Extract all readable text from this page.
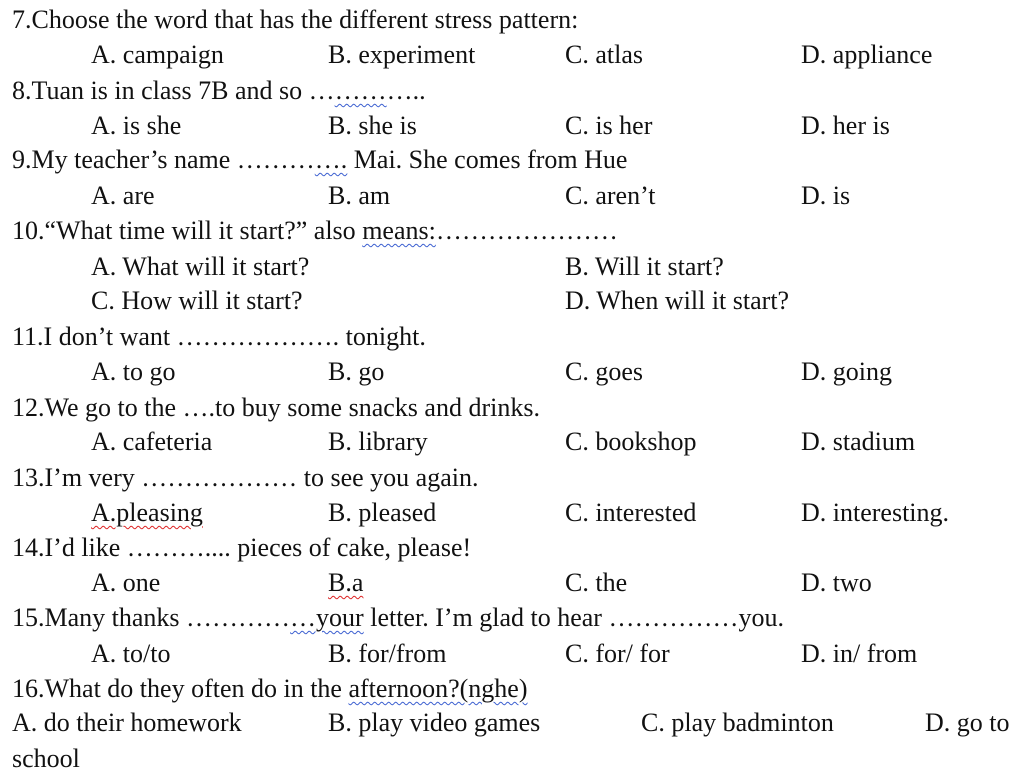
7.Choose the word that has the different stress pattern:
A. campaign	B. experiment	C. atlas	D. appliance
8.Tuan is in class 7B and so …………..
A. is she	B. she is	C. is her	D. her is
9.My teacher’s name …………. Mai. She comes from Hue
A. are	B. am	C. aren’t	D. is
10.“What time will it start?” also means:…………………
A. What will it start?	B. Will it start?
C. How will it start?	D. When will it start?
11.I don’t want ………………. tonight.
A. to go	B. go	C. goes	D. going
12.We go to the ….to buy some snacks and drinks.
A. cafeteria	B. library	C. bookshop	D. stadium
13.I’m very ……………… to see you again.
A.pleasing	B. pleased	C. interested	D. interesting.
14.I’d like ……….... pieces of cake, please!
A. one	B.a	C. the	D. two
15.Many thanks ……………your letter. I’m glad to hear ……………you.
A. to/to	B. for/from	C. for/ for	D. in/ from
16.What do they often do in the afternoon?(nghe)
A. do their homework	B. play video games	C. play badminton	D. go to
school
